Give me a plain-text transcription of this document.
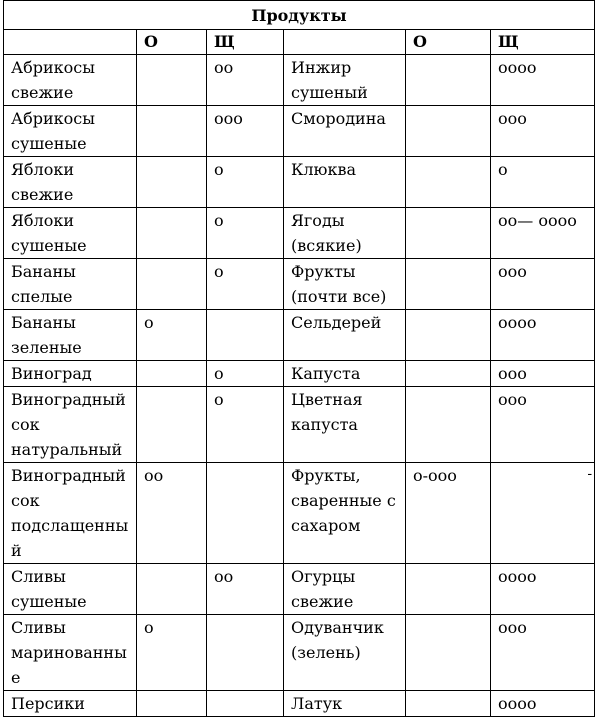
Продукты					
	О	Щ		О	Щ
Абрикосы свежие		оо	Инжир сушеный		оооо
Абрикосы сушеные		ооо	Смородина		ооо
Яблоки свежие		о	Клюква		о
Яблоки сушеные		о	Ягоды (всякие)		оо— оооо
Бананы спелые		о	Фрукты (почти все)		ооо
Бананы зеленые	о		Сельдерей		оооо
Виноград		о	Капуста		ооо
Виноградный сок натуральный		о	Цветная капуста		ооо
Виноградный сок подслащенный	оо		Фрукты, сваренные с сахаром	о-ооо	-

Сливы сушеные		оо	Огурцы свежие		оооо
Сливы маринованные	о		Одуванчик (зелень)		ооо
Персики			Латук		оооо
